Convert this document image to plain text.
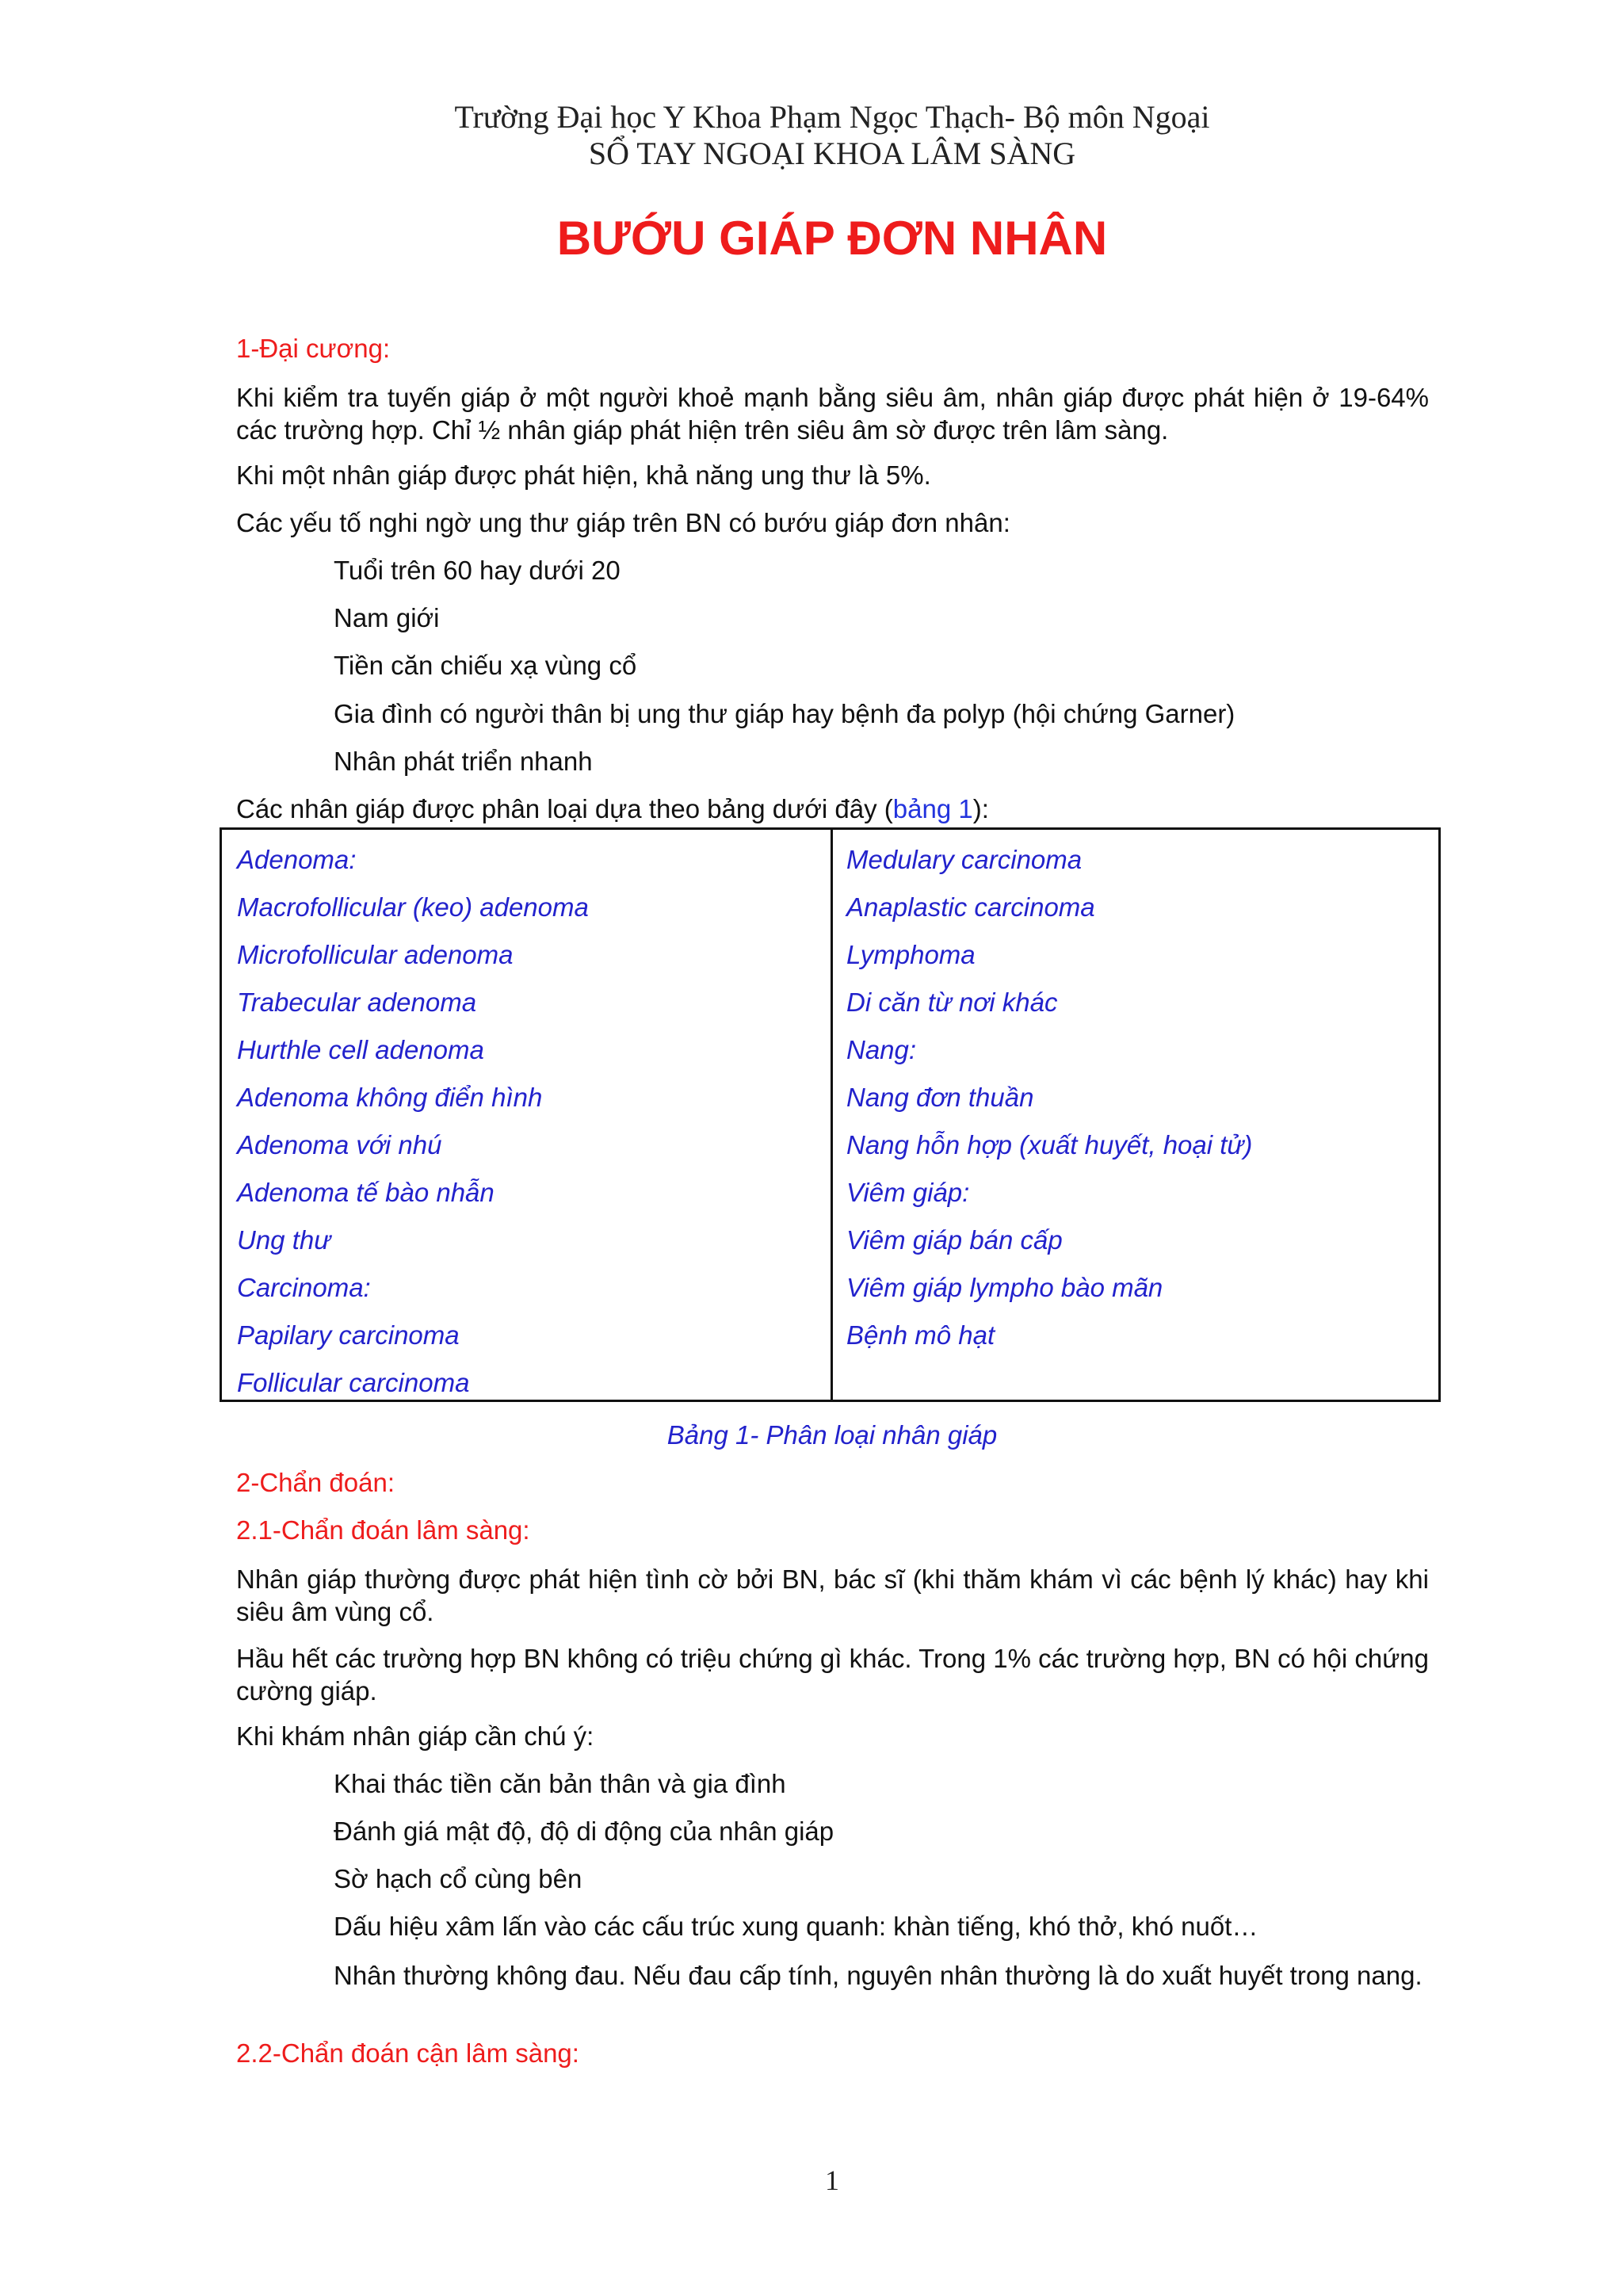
Trường Đại học Y Khoa Phạm Ngọc Thạch- Bộ môn Ngoại
SỔ TAY NGOẠI KHOA LÂM SÀNG
BƯỚU GIÁP ĐƠN NHÂN
1-Đại cương:
Khi kiểm tra tuyến giáp ở một người khoẻ mạnh bằng siêu âm, nhân giáp được phát hiện ở 19-64% các trường hợp. Chỉ ½ nhân giáp phát hiện trên siêu âm sờ được trên lâm sàng.
Khi một nhân giáp được phát hiện, khả năng ung thư là 5%.
Các yếu tố nghi ngờ ung thư giáp trên BN có bướu giáp đơn nhân:
Tuổi trên 60 hay dưới 20
Nam giới
Tiền căn chiếu xạ vùng cổ
Gia đình có người thân bị ung thư giáp hay bệnh đa polyp (hội chứng Garner)
Nhân phát triển nhanh
Các nhân giáp được phân loại dựa theo bảng dưới đây (bảng 1):
Adenoma:
Macrofollicular (keo) adenoma
Microfollicular adenoma
Trabecular adenoma
Hurthle cell adenoma
Adenoma không điển hình
Adenoma với nhú
Adenoma tế bào nhẫn
Ung thư
Carcinoma:
Papilary carcinoma
Follicular carcinoma
Medulary carcinoma
Anaplastic carcinoma
Lymphoma
Di căn từ nơi khác
Nang:
Nang đơn thuần
Nang hỗn hợp (xuất huyết, hoại tử)
Viêm giáp:
Viêm giáp bán cấp
Viêm giáp lympho bào mãn
Bệnh mô hạt
Bảng 1- Phân loại nhân giáp
2-Chẩn đoán:
2.1-Chẩn đoán lâm sàng:
Nhân giáp thường được phát hiện tình cờ bởi BN, bác sĩ (khi thăm khám vì các bệnh lý khác) hay khi siêu âm vùng cổ.
Hầu hết các trường hợp BN không có triệu chứng gì khác. Trong 1% các trường hợp, BN có hội chứng cường giáp.
Khi khám nhân giáp cần chú ý:
Khai thác tiền căn bản thân và gia đình
Đánh giá mật độ, độ di động của nhân giáp
Sờ hạch cổ cùng bên
Dấu hiệu xâm lấn vào các cấu trúc xung quanh: khàn tiếng, khó thở, khó nuốt…
Nhân thường không đau. Nếu đau cấp tính, nguyên nhân thường là do xuất huyết trong nang.
2.2-Chẩn đoán cận lâm sàng:
1
